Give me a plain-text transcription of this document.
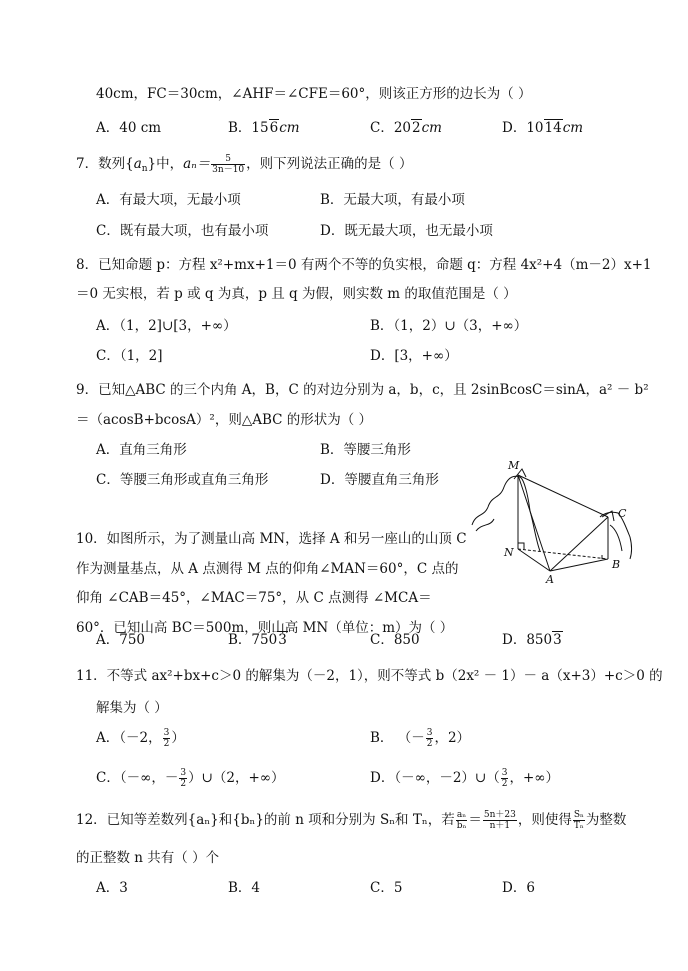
40cm，FC＝30cm，∠AHF＝∠CFE＝60°，则该正方形的边长为（ ）
A．40 cm	B．156cm	C．202cm	D．1014cm
7．数列$\{a_n\}$中，$a_n= \frac{5}{3n-10}$ ，则下列说法正确的是（ ）
A．有最大项，无最小项	B．无最大项，有最小项
C．既有最大项，也有最小项	D．既无最大项，也无最小项
8．已知命题 p：方程 x²+mx+1＝0 有两个不等的负实根，命题 q：方程 4x²+4（m－2）x+1
＝0 无实根，若 p 或 q 为真，p 且 q 为假，则实数 m 的取值范围是（ ）
A．（1，2]∪[3，+∞）	B．（1，2）∪（3，+∞）
C．（1，2]	D．[3，+∞）
9．已知△ABC 的三个内角 A，B，C 的对边分别为 a，b，c，且 2sinBcosC＝sinA，a² － b²
＝（acosB+bcosA）²，则△ABC 的形状为（ ）
A．直角三角形	B．等腰三角形
C．等腰三角形或直角三角形	D．等腰直角三角形
10．如图所示，为了测量山高 MN，选择 A 和另一座山的山顶 C
作为测量基点，从 A 点测得 M 点的仰角∠MAN＝60°，C 点的
仰角 ∠CAB＝45°，∠MAC＝75°，从 C 点测得 ∠MCA＝
60°．已知山高 BC＝500m，则山高 MN（单位：m）为（ ）
A．750	B．7503	C．850	D．8503
M
N
A
B
C
11．不等式 ax²+bx+c＞0 的解集为（－2，1），则不等式 b（2x² － 1）－ a（x+3）+c＞0 的
解集为（ ）
A．（－2， $\frac{3}{2}$ ）	B． （－ $\frac{3}{2}$ ，2）
C．（－∞，－ $\frac{3}{2}$ ）∪（2，+∞）	D．（－∞，－2）∪（ $\frac{3}{2}$ ，+∞）
12．已知等差数列{aₙ}和{bₙ}的前 n 项和分别为 Sₙ和 Tₙ，若 $\frac{\text{aₙ}}{\text{bₙ}} = \frac{5n+23}{n+1}$ ，则使得 $\frac{\text{Sₙ}}{\text{Tₙ}}$ 为整数
的正整数 n 共有（ ）个
A．3	B．4	C．5	D．6
